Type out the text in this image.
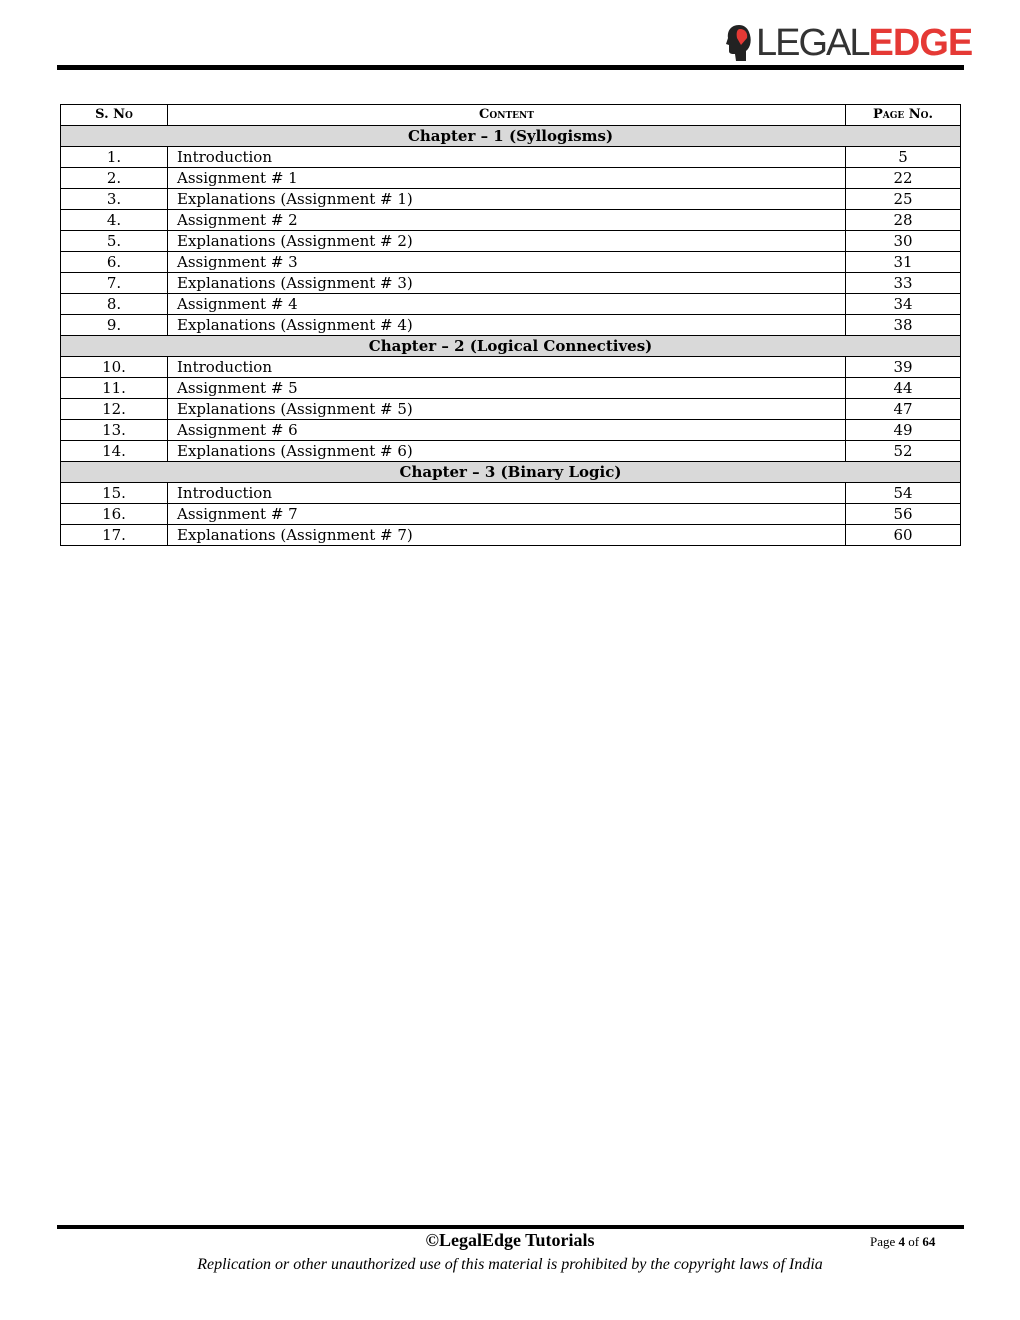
LEGAL EDGE
S. No	Content	Page No.
Chapter – 1 (Syllogisms)		
1.	Introduction	5
2.	Assignment # 1	22
3.	Explanations (Assignment # 1)	25
4.	Assignment # 2	28
5.	Explanations (Assignment # 2)	30
6.	Assignment # 3	31
7.	Explanations (Assignment # 3)	33
8.	Assignment # 4	34
9.	Explanations (Assignment # 4)	38
Chapter – 2 (Logical Connectives)		
10.	Introduction	39
11.	Assignment # 5	44
12.	Explanations (Assignment # 5)	47
13.	Assignment # 6	49
14.	Explanations (Assignment # 6)	52
Chapter – 3 (Binary Logic)		
15.	Introduction	54
16.	Assignment # 7	56
17.	Explanations (Assignment # 7)	60
©LegalEdge Tutorials	Page 4 of 64
Replication or other unauthorized use of this material is prohibited by the copyright laws of India
